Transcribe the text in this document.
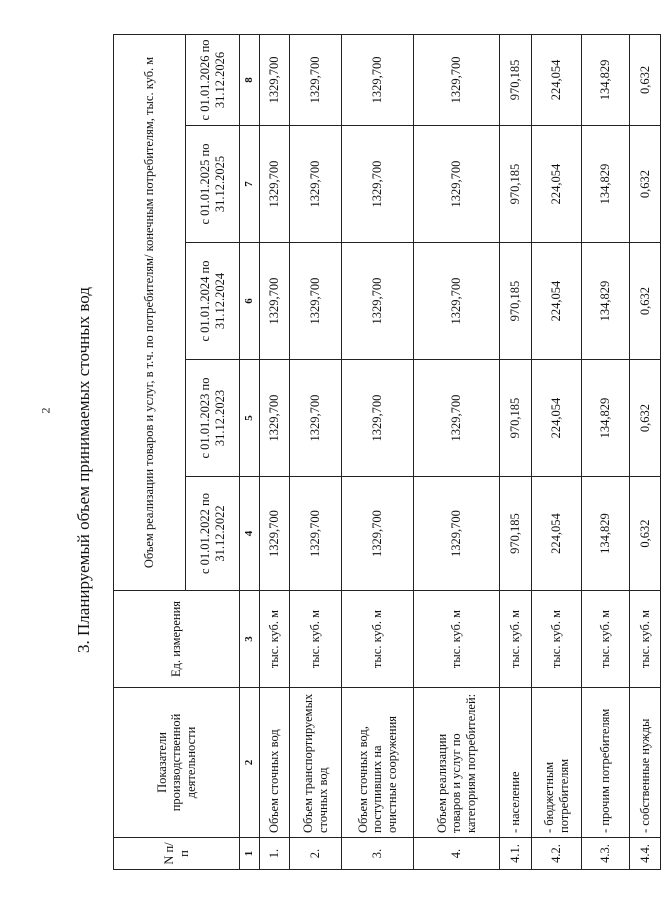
2 3. Планируемый объем принимаемых сточных вод
N п/п	Показатели производственной деятельности	Ед. измерения	Объем реализации товаров и услуг, в т.ч. по потребителям/ конечным потребителям, тыс. куб. м				
			с 01.01.2022 по 31.12.2022	с 01.01.2023 по 31.12.2023	с 01.01.2024 по 31.12.2024	с 01.01.2025 по 31.12.2025	с 01.01.2026 по 31.12.2026
1	2	3	4	5	6	7	8
1.	Объем сточных вод	тыс. куб. м	1329,700	1329,700	1329,700	1329,700	1329,700
2.	Объем транспортируемых сточных вод	тыс. куб. м	1329,700	1329,700	1329,700	1329,700	1329,700
3.	Объем сточных вод, поступивших на очистные сооружения	тыс. куб. м	1329,700	1329,700	1329,700	1329,700	1329,700
4.	Объем реализации товаров и услуг по категориям потребителей:	тыс. куб. м	1329,700	1329,700	1329,700	1329,700	1329,700
4.1.	- население	тыс. куб. м	970,185	970,185	970,185	970,185	970,185
4.2.	- бюджетным потребителям	тыс. куб. м	224,054	224,054	224,054	224,054	224,054
4.3.	- прочим потребителям	тыс. куб. м	134,829	134,829	134,829	134,829	134,829
4.4.	- собственные нужды	тыс. куб. м	0,632	0,632	0,632	0,632	0,632
